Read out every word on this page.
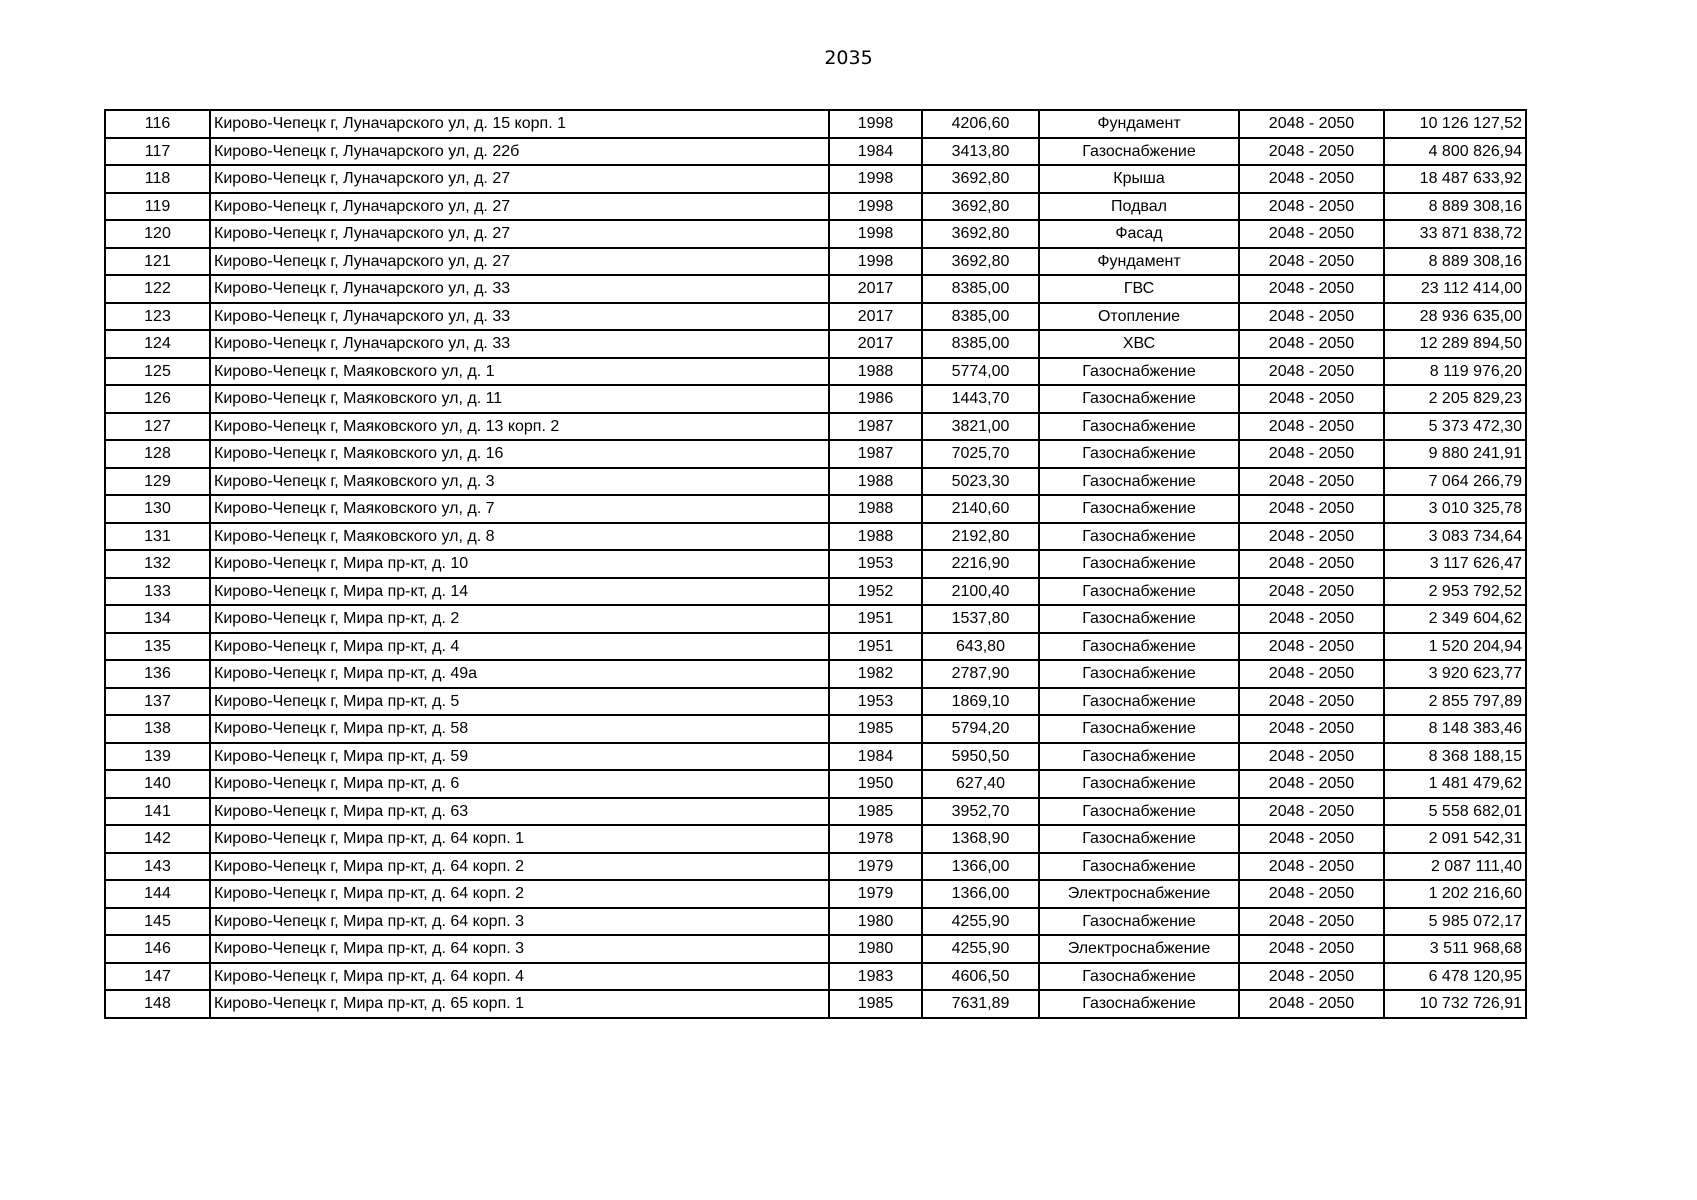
2035
116	Кирово-Чепецк г, Луначарского ул, д. 15 корп. 1	1998	4206,60	Фундамент	2048 - 2050	10 126 127,52
117	Кирово-Чепецк г, Луначарского ул, д. 22б	1984	3413,80	Газоснабжение	2048 - 2050	4 800 826,94
118	Кирово-Чепецк г, Луначарского ул, д. 27	1998	3692,80	Крыша	2048 - 2050	18 487 633,92
119	Кирово-Чепецк г, Луначарского ул, д. 27	1998	3692,80	Подвал	2048 - 2050	8 889 308,16
120	Кирово-Чепецк г, Луначарского ул, д. 27	1998	3692,80	Фасад	2048 - 2050	33 871 838,72
121	Кирово-Чепецк г, Луначарского ул, д. 27	1998	3692,80	Фундамент	2048 - 2050	8 889 308,16
122	Кирово-Чепецк г, Луначарского ул, д. 33	2017	8385,00	ГВС	2048 - 2050	23 112 414,00
123	Кирово-Чепецк г, Луначарского ул, д. 33	2017	8385,00	Отопление	2048 - 2050	28 936 635,00
124	Кирово-Чепецк г, Луначарского ул, д. 33	2017	8385,00	ХВС	2048 - 2050	12 289 894,50
125	Кирово-Чепецк г, Маяковского ул, д. 1	1988	5774,00	Газоснабжение	2048 - 2050	8 119 976,20
126	Кирово-Чепецк г, Маяковского ул, д. 11	1986	1443,70	Газоснабжение	2048 - 2050	2 205 829,23
127	Кирово-Чепецк г, Маяковского ул, д. 13 корп. 2	1987	3821,00	Газоснабжение	2048 - 2050	5 373 472,30
128	Кирово-Чепецк г, Маяковского ул, д. 16	1987	7025,70	Газоснабжение	2048 - 2050	9 880 241,91
129	Кирово-Чепецк г, Маяковского ул, д. 3	1988	5023,30	Газоснабжение	2048 - 2050	7 064 266,79
130	Кирово-Чепецк г, Маяковского ул, д. 7	1988	2140,60	Газоснабжение	2048 - 2050	3 010 325,78
131	Кирово-Чепецк г, Маяковского ул, д. 8	1988	2192,80	Газоснабжение	2048 - 2050	3 083 734,64
132	Кирово-Чепецк г, Мира пр-кт, д. 10	1953	2216,90	Газоснабжение	2048 - 2050	3 117 626,47
133	Кирово-Чепецк г, Мира пр-кт, д. 14	1952	2100,40	Газоснабжение	2048 - 2050	2 953 792,52
134	Кирово-Чепецк г, Мира пр-кт, д. 2	1951	1537,80	Газоснабжение	2048 - 2050	2 349 604,62
135	Кирово-Чепецк г, Мира пр-кт, д. 4	1951	643,80	Газоснабжение	2048 - 2050	1 520 204,94
136	Кирово-Чепецк г, Мира пр-кт, д. 49а	1982	2787,90	Газоснабжение	2048 - 2050	3 920 623,77
137	Кирово-Чепецк г, Мира пр-кт, д. 5	1953	1869,10	Газоснабжение	2048 - 2050	2 855 797,89
138	Кирово-Чепецк г, Мира пр-кт, д. 58	1985	5794,20	Газоснабжение	2048 - 2050	8 148 383,46
139	Кирово-Чепецк г, Мира пр-кт, д. 59	1984	5950,50	Газоснабжение	2048 - 2050	8 368 188,15
140	Кирово-Чепецк г, Мира пр-кт, д. 6	1950	627,40	Газоснабжение	2048 - 2050	1 481 479,62
141	Кирово-Чепецк г, Мира пр-кт, д. 63	1985	3952,70	Газоснабжение	2048 - 2050	5 558 682,01
142	Кирово-Чепецк г, Мира пр-кт, д. 64 корп. 1	1978	1368,90	Газоснабжение	2048 - 2050	2 091 542,31
143	Кирово-Чепецк г, Мира пр-кт, д. 64 корп. 2	1979	1366,00	Газоснабжение	2048 - 2050	2 087 111,40
144	Кирово-Чепецк г, Мира пр-кт, д. 64 корп. 2	1979	1366,00	Электроснабжение	2048 - 2050	1 202 216,60
145	Кирово-Чепецк г, Мира пр-кт, д. 64 корп. 3	1980	4255,90	Газоснабжение	2048 - 2050	5 985 072,17
146	Кирово-Чепецк г, Мира пр-кт, д. 64 корп. 3	1980	4255,90	Электроснабжение	2048 - 2050	3 511 968,68
147	Кирово-Чепецк г, Мира пр-кт, д. 64 корп. 4	1983	4606,50	Газоснабжение	2048 - 2050	6 478 120,95
148	Кирово-Чепецк г, Мира пр-кт, д. 65 корп. 1	1985	7631,89	Газоснабжение	2048 - 2050	10 732 726,91
